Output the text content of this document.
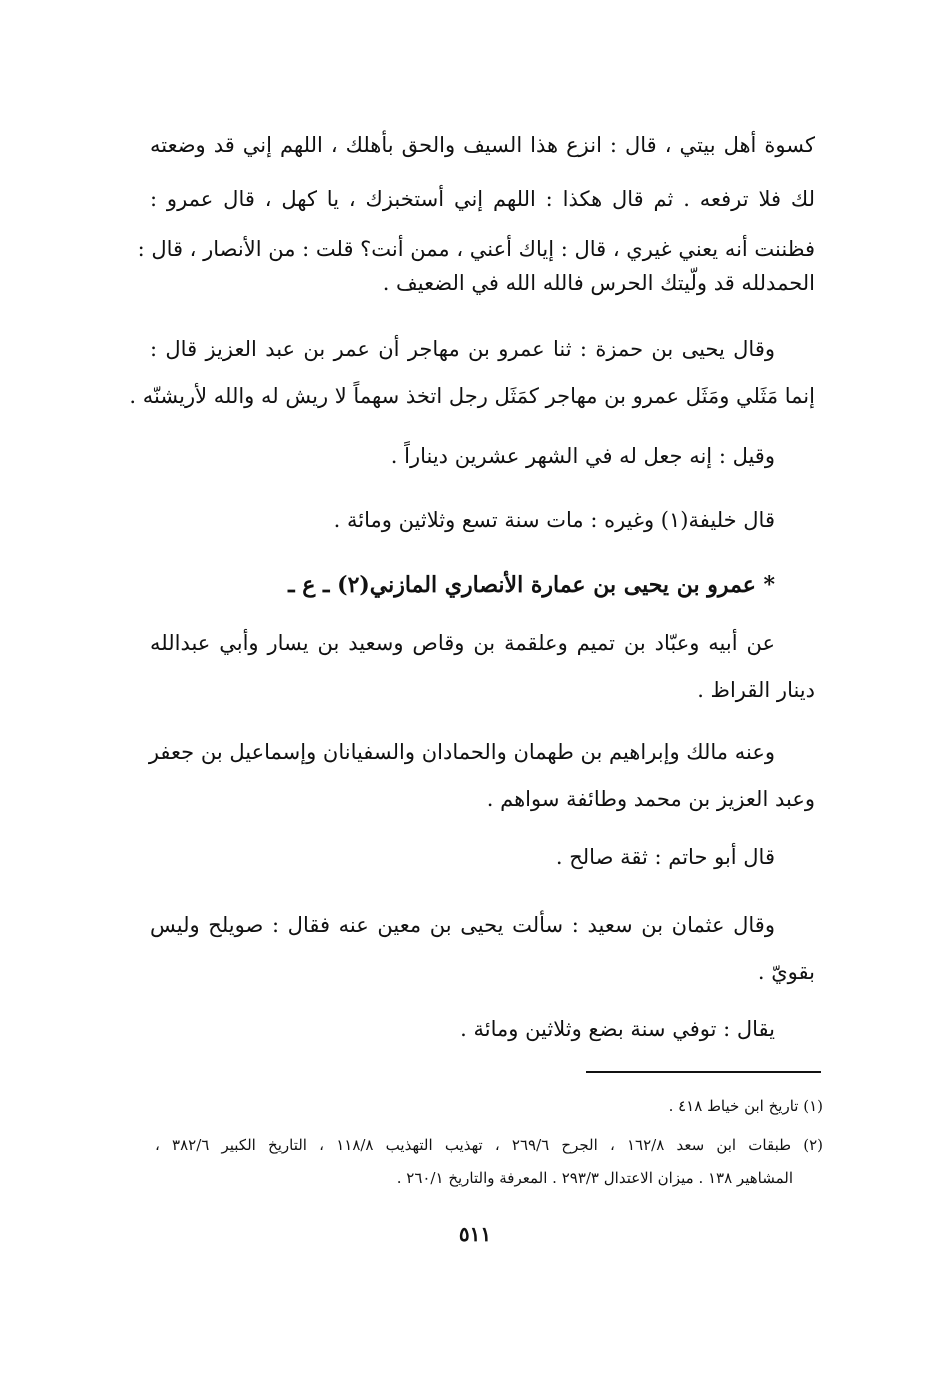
كسوة أهل بيتي ، قال : انزع هذا السيف والحق بأهلك ، اللهم إني قد وضعته
لك فلا ترفعه . ثم قال هكذا : اللهم إني أستخبزك ، يا كهل ، قال عمرو :
فظننت أنه يعني غيري ، قال : إياك أعني ، ممن أنت؟ قلت : من الأنصار ، قال :
الحمدلله قد ولّيتك الحرس فالله الله في الضعيف .
وقال يحيى بن حمزة : ثنا عمرو بن مهاجر أن عمر بن عبد العزيز قال :
إنما مَثَلي ومَثَل عمرو بن مهاجر كمَثَل رجل اتخذ سهماً لا ريش له والله لأريشنّه .
وقيل : إنه جعل له في الشهر عشرين ديناراً .
قال خليفة(١) وغيره : مات سنة تسع وثلاثين ومائة .
* عمرو بن يحيى بن عمارة الأنصاري المازني(٢) ـ ع ـ
عن أبيه وعبّاد بن تميم وعلقمة بن وقاص وسعيد بن يسار وأبي عبدالله
دينار القراظ .
وعنه مالك وإبراهيم بن طهمان والحمادان والسفيانان وإسماعيل بن جعفر
وعبد العزيز بن محمد وطائفة سواهم .
قال أبو حاتم : ثقة صالح .
وقال عثمان بن سعيد : سألت يحيى بن معين عنه فقال : صويلح وليس
بقويّ .
يقال : توفي سنة بضع وثلاثين ومائة .
(١) تاريخ ابن خياط ٤١٨ .
(٢) طبقات ابن سعد ١٦٢/٨ ، الجرح ٢٦٩/٦ ، تهذيب التهذيب ١١٨/٨ ، التاريخ الكبير ٣٨٢/٦ ،
المشاهير ١٣٨ . ميزان الاعتدال ٢٩٣/٣ . المعرفة والتاريخ ٢٦٠/١ .
٥١١
